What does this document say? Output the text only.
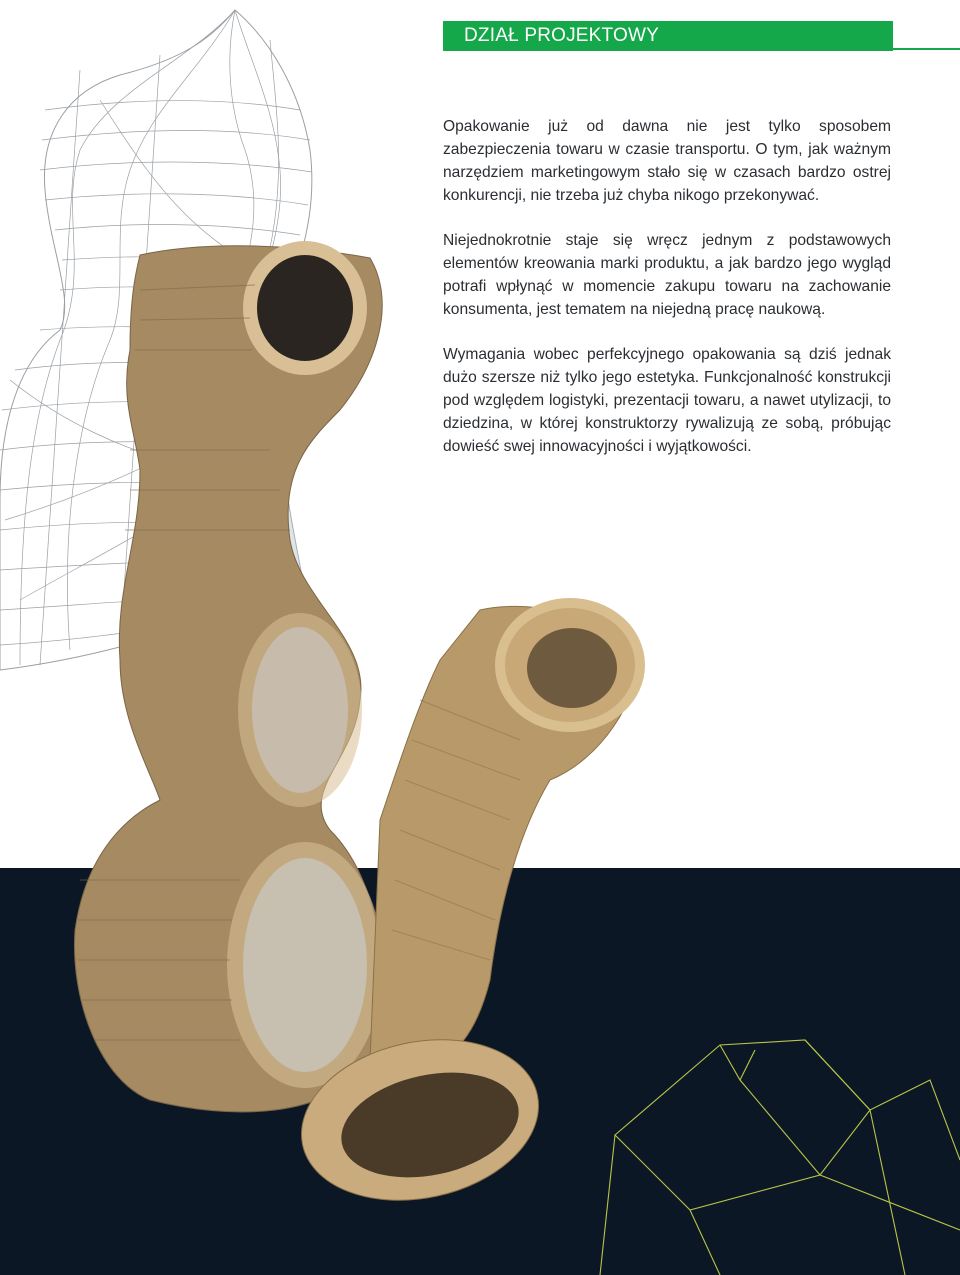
DZIAŁ PROJEKTOWY

Opakowanie już od dawna nie jest tylko sposobem zabezpieczenia towaru w czasie transportu. O tym, jak ważnym narzędziem marketingowym stało się w czasach bardzo ostrej konkurencji, nie trzeba już chyba nikogo przekonywać.

Niejednokrotnie staje się wręcz jednym z podstawowych elementów kreowania marki produktu, a jak bardzo jego wygląd potrafi wpłynąć w momencie zakupu towaru na zachowanie konsumenta, jest tematem na niejedną pracę naukową.

Wymagania wobec perfekcyjnego opakowania są dziś jednak dużo szersze niż tylko jego estetyka. Funkcjonalność konstrukcji pod względem logistyki, prezentacji towaru, a nawet utylizacji, to dziedzina, w której konstruktorzy rywalizują ze sobą, próbując dowieść swej innowacyjności i wyjątkowości.
